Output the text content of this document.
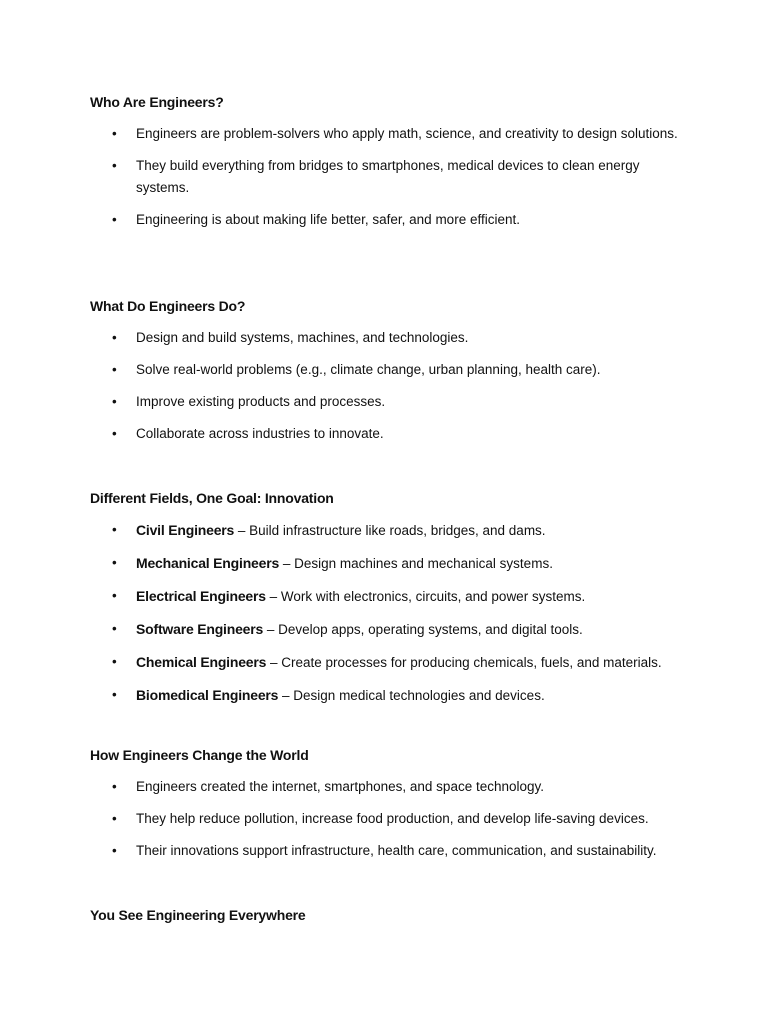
Who Are Engineers?
• Engineers are problem-solvers who apply math, science, and creativity to design solutions.
• They build everything from bridges to smartphones, medical devices to clean energy systems.
• Engineering is about making life better, safer, and more efficient.
What Do Engineers Do?
• Design and build systems, machines, and technologies.
• Solve real-world problems (e.g., climate change, urban planning, health care).
• Improve existing products and processes.
• Collaborate across industries to innovate.
Different Fields, One Goal: Innovation
• Civil Engineers – Build infrastructure like roads, bridges, and dams.
• Mechanical Engineers – Design machines and mechanical systems.
• Electrical Engineers – Work with electronics, circuits, and power systems.
• Software Engineers – Develop apps, operating systems, and digital tools.
• Chemical Engineers – Create processes for producing chemicals, fuels, and materials.
• Biomedical Engineers – Design medical technologies and devices.
How Engineers Change the World
• Engineers created the internet, smartphones, and space technology.
• They help reduce pollution, increase food production, and develop life-saving devices.
• Their innovations support infrastructure, health care, communication, and sustainability.
You See Engineering Everywhere
